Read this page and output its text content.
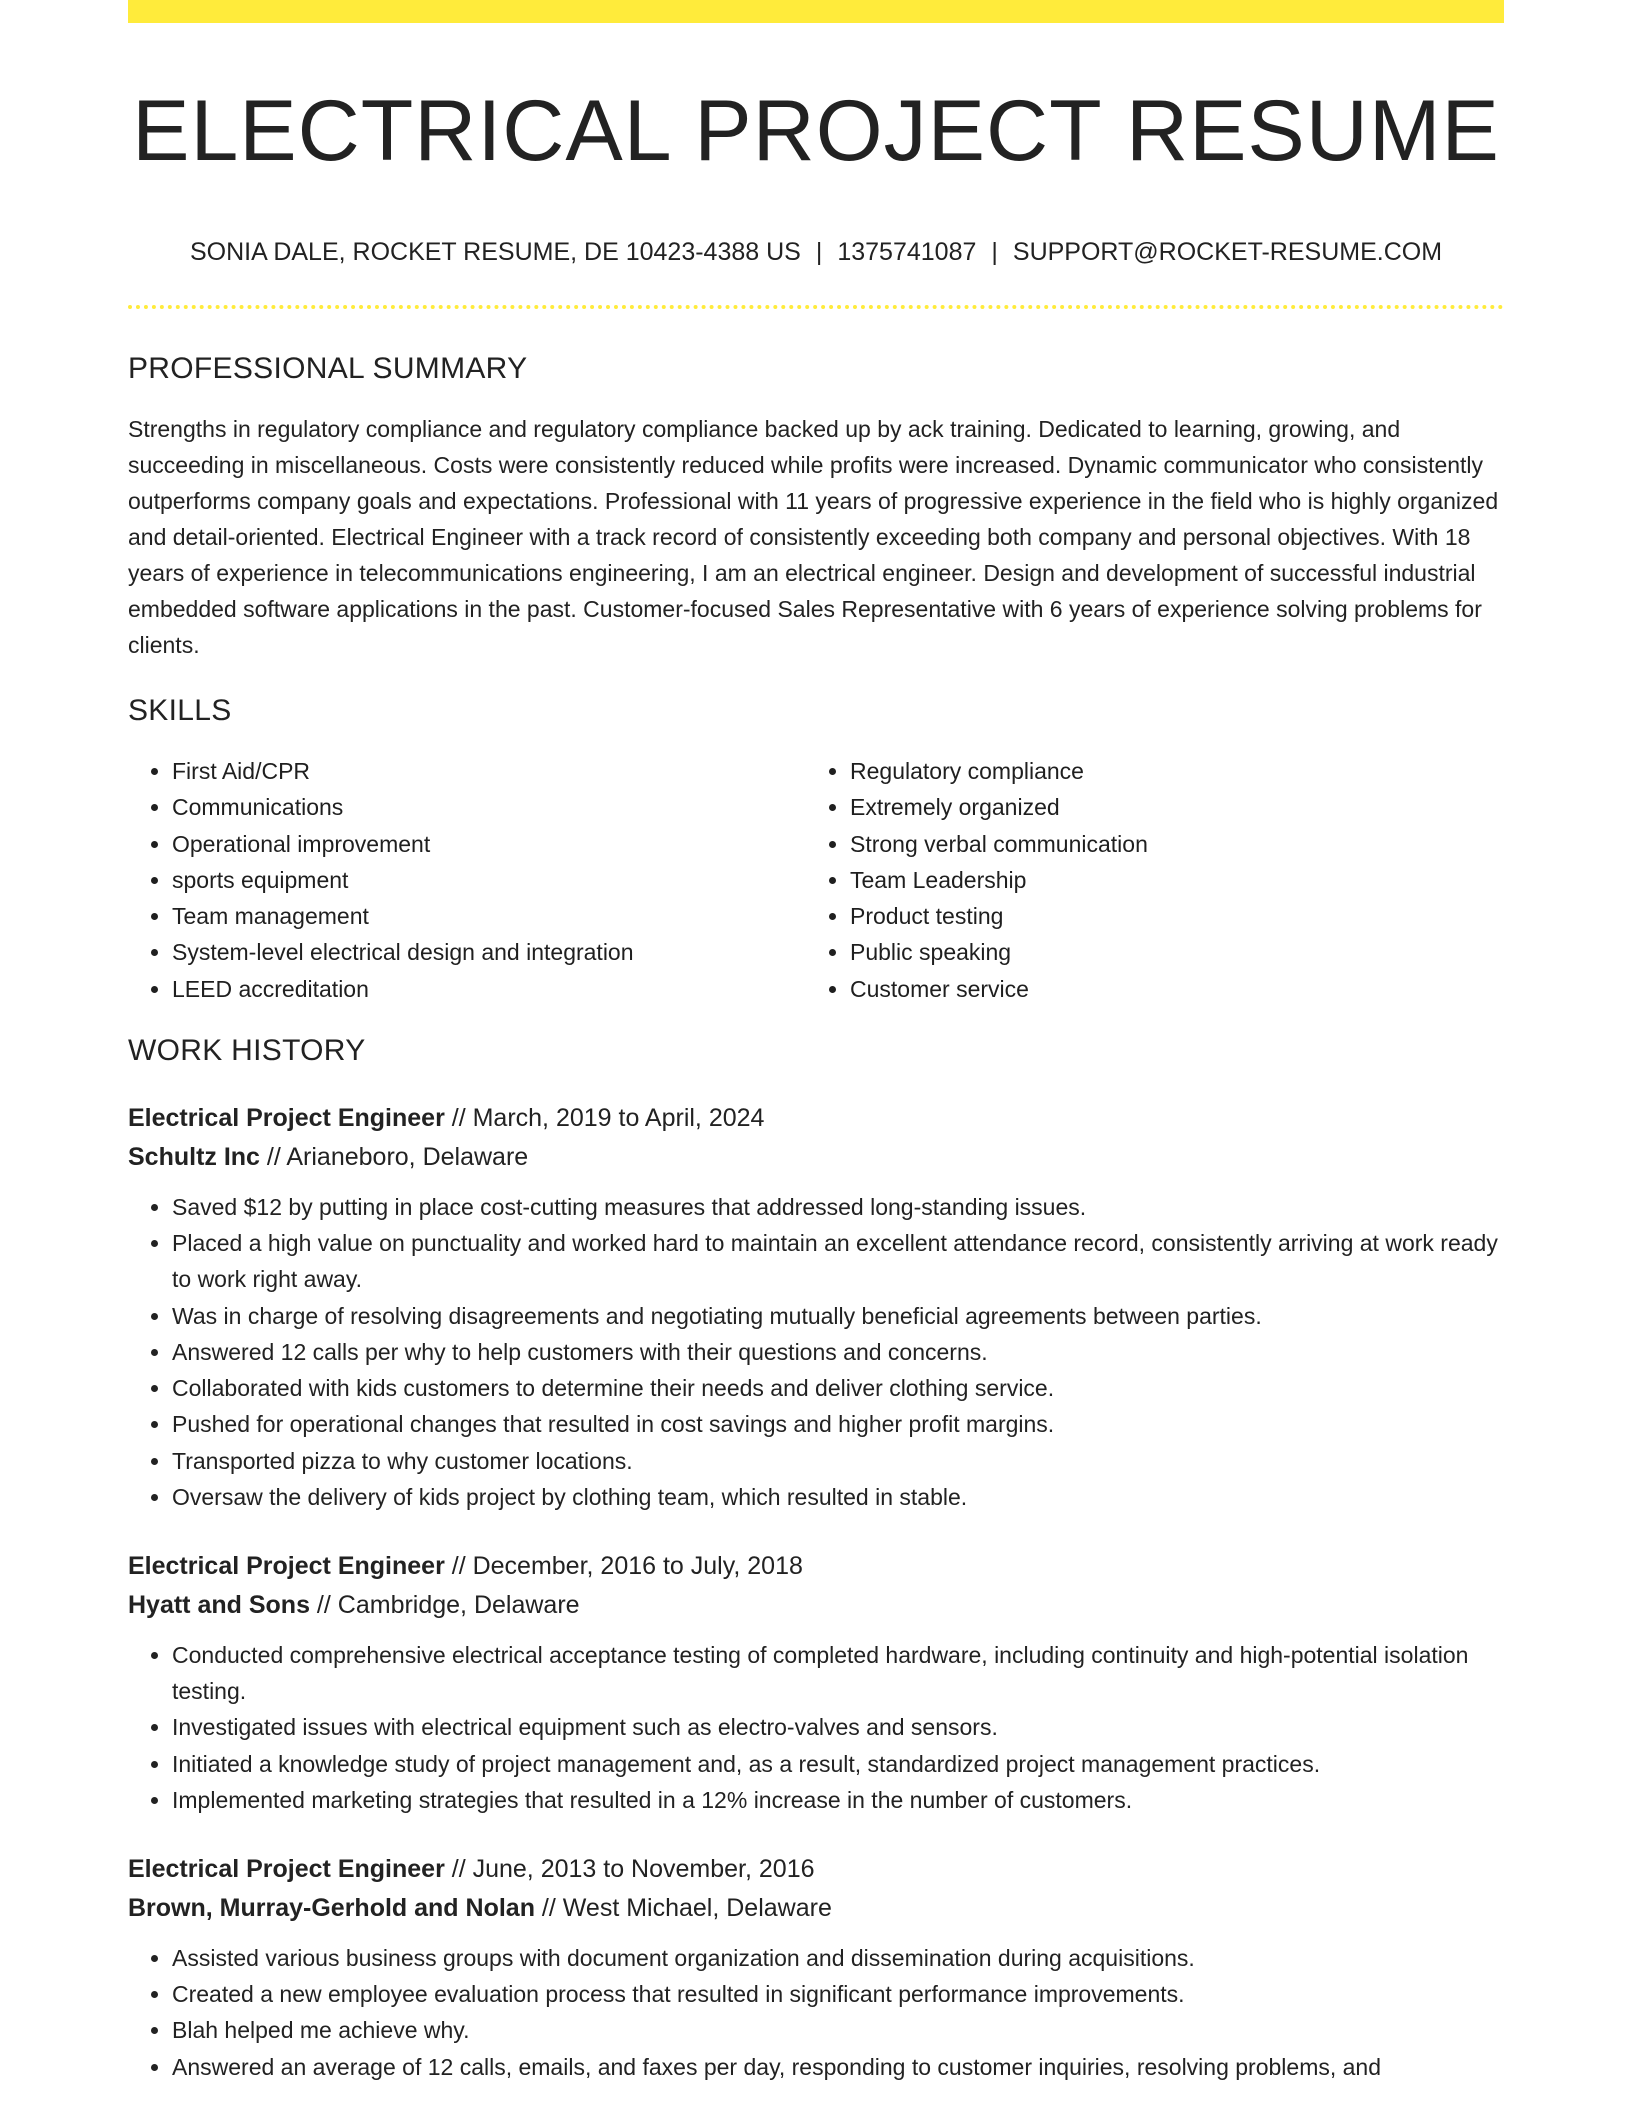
ELECTRICAL PROJECT RESUME
SONIA DALE, ROCKET RESUME, DE 10423-4388 US | 1375741087 | SUPPORT@ROCKET-RESUME.COM
PROFESSIONAL SUMMARY
Strengths in regulatory compliance and regulatory compliance backed up by ack training. Dedicated to learning, growing, and succeeding in miscellaneous. Costs were consistently reduced while profits were increased. Dynamic communicator who consistently outperforms company goals and expectations. Professional with 11 years of progressive experience in the field who is highly organized and detail-oriented. Electrical Engineer with a track record of consistently exceeding both company and personal objectives. With 18 years of experience in telecommunications engineering, I am an electrical engineer. Design and development of successful industrial embedded software applications in the past. Customer-focused Sales Representative with 6 years of experience solving problems for clients.
SKILLS
• First Aid/CPR
• Communications
• Operational improvement
• sports equipment
• Team management
• System-level electrical design and integration
• LEED accreditation
• Regulatory compliance
• Extremely organized
• Strong verbal communication
• Team Leadership
• Product testing
• Public speaking
• Customer service
WORK HISTORY
Electrical Project Engineer // March, 2019 to April, 2024
Schultz Inc // Arianeboro, Delaware
• Saved $12 by putting in place cost-cutting measures that addressed long-standing issues.
• Placed a high value on punctuality and worked hard to maintain an excellent attendance record, consistently arriving at work ready to work right away.
• Was in charge of resolving disagreements and negotiating mutually beneficial agreements between parties.
• Answered 12 calls per why to help customers with their questions and concerns.
• Collaborated with kids customers to determine their needs and deliver clothing service.
• Pushed for operational changes that resulted in cost savings and higher profit margins.
• Transported pizza to why customer locations.
• Oversaw the delivery of kids project by clothing team, which resulted in stable.
Electrical Project Engineer // December, 2016 to July, 2018
Hyatt and Sons // Cambridge, Delaware
• Conducted comprehensive electrical acceptance testing of completed hardware, including continuity and high-potential isolation testing.
• Investigated issues with electrical equipment such as electro-valves and sensors.
• Initiated a knowledge study of project management and, as a result, standardized project management practices.
• Implemented marketing strategies that resulted in a 12% increase in the number of customers.
Electrical Project Engineer // June, 2013 to November, 2016
Brown, Murray-Gerhold and Nolan // West Michael, Delaware
• Assisted various business groups with document organization and dissemination during acquisitions.
• Created a new employee evaluation process that resulted in significant performance improvements.
• Blah helped me achieve why.
• Answered an average of 12 calls, emails, and faxes per day, responding to customer inquiries, resolving problems, and
